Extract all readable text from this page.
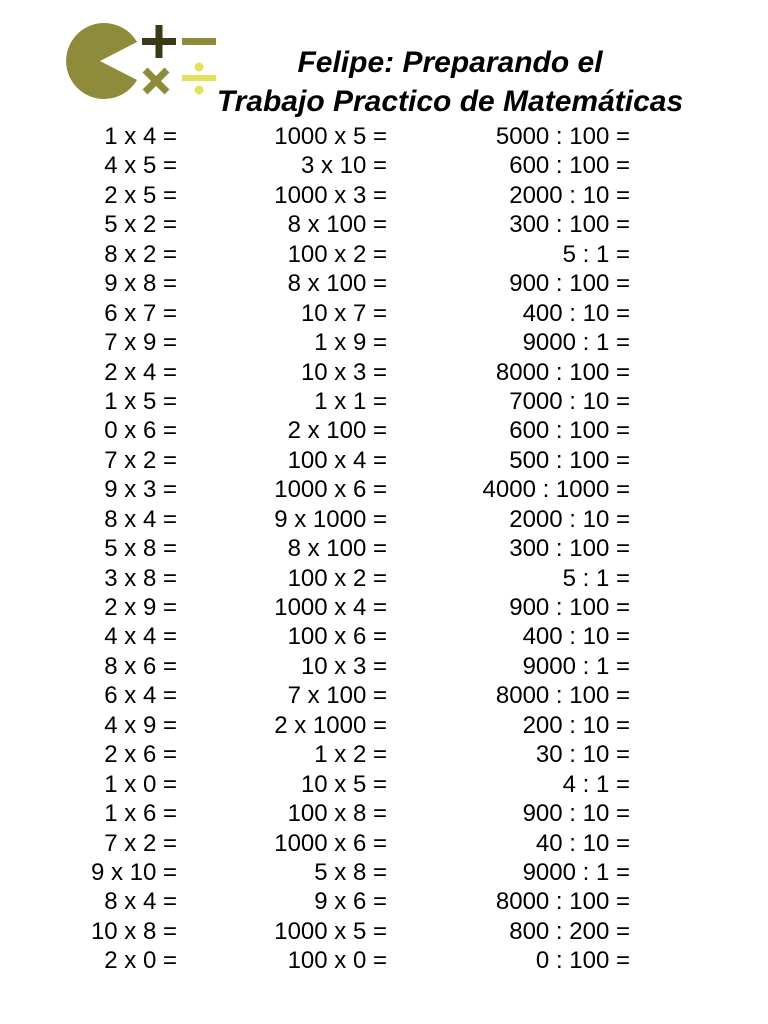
Felipe: Preparando el
Trabajo Practico de Matemáticas
1 x 4 =
4 x 5 =
2 x 5 =
5 x 2 =
8 x 2 =
9 x 8 =
6 x 7 =
7 x 9 =
2 x 4 =
1 x 5 =
0 x 6 =
7 x 2 =
9 x 3 =
8 x 4 =
5 x 8 =
3 x 8 =
2 x 9 =
4 x 4 =
8 x 6 =
6 x 4 =
4 x 9 =
2 x 6 =
1 x 0 =
1 x 6 =
7 x 2 =
9 x 10 =
8 x 4 =
10 x 8 =
2 x 0 =
1000 x 5 =
3 x 10 =
1000 x 3 =
8 x 100 =
100 x 2 =
8 x 100 =
10 x 7 =
1 x 9 =
10 x 3 =
1 x 1 =
2 x 100 =
100 x 4 =
1000 x 6 =
9 x 1000 =
8 x 100 =
100 x 2 =
1000 x 4 =
100 x 6 =
10 x 3 =
7 x 100 =
2 x 1000 =
1 x 2 =
10 x 5 =
100 x 8 =
1000 x 6 =
5 x 8 =
9 x 6 =
1000 x 5 =
100 x 0 =
5000 : 100 =
600 : 100 =
2000 : 10 =
300 : 100 =
5 : 1 =
900 : 100 =
400 : 10 =
9000 : 1 =
8000 : 100 =
7000 : 10 =
600 : 100 =
500 : 100 =
4000 : 1000 =
2000 : 10 =
300 : 100 =
5 : 1 =
900 : 100 =
400 : 10 =
9000 : 1 =
8000 : 100 =
200 : 10 =
30 : 10 =
4 : 1 =
900 : 10 =
40 : 10 =
9000 : 1 =
8000 : 100 =
800 : 200 =
0 : 100 =
